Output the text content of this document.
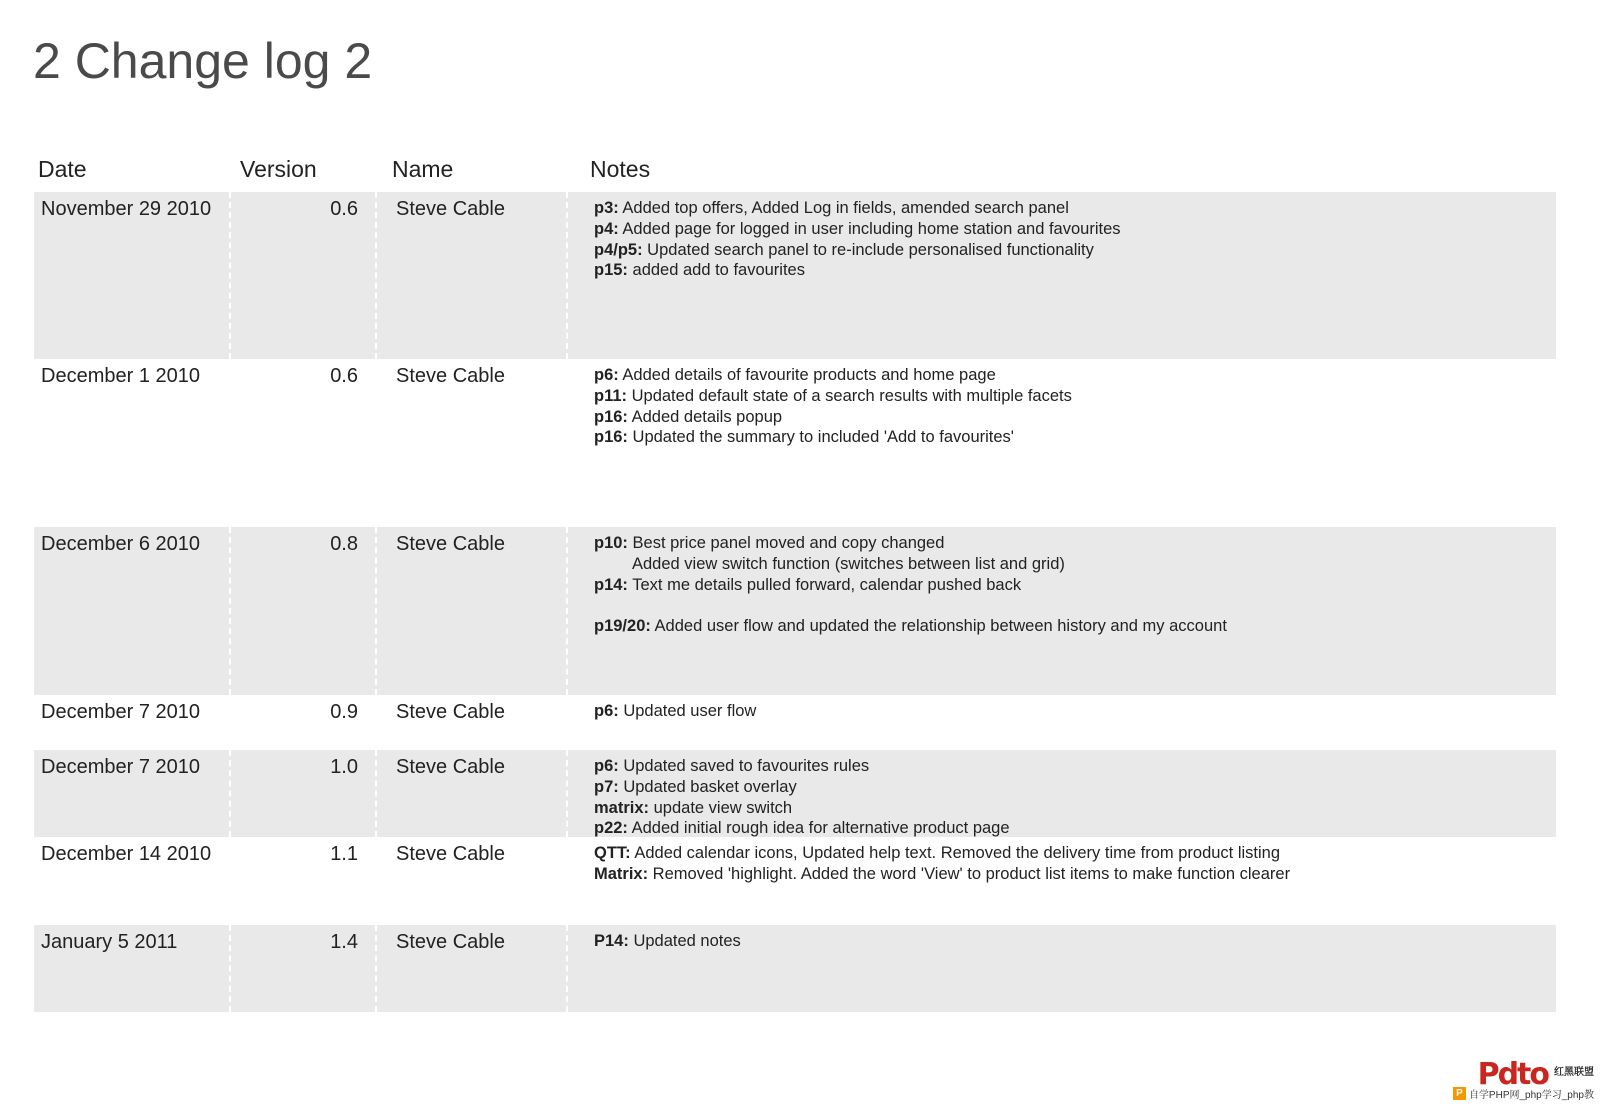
2 Change log 2
Date	Version	Name	Notes
November 29 2010	0.6 Steve Cable	p3: Added top offers, Added Log in fields, amended search panel
p4: Added page for logged in user including home station and favourites
p4/p5: Updated search panel to re-include personalised functionality
p15: added add to favourites
December 1 2010	0.6 Steve Cable	p6: Added details of favourite products and home page
p11: Updated default state of a search results with multiple facets
p16: Added details popup
p16: Updated the summary to included 'Add to favourites'
December 6 2010	0.8 Steve Cable	p10: Best price panel moved and copy changed
Added view switch function (switches between list and grid)
p14: Text me details pulled forward, calendar pushed back
p19/20: Added user flow and updated the relationship between history and my account
December 7 2010	0.9 Steve Cable	p6: Updated user flow
December 7 2010	1.0 Steve Cable	p6: Updated saved to favourites rules
p7: Updated basket overlay
matrix: update view switch
p22: Added initial rough idea for alternative product page
December 14 2010	1.1 Steve Cable	QTT: Added calendar icons, Updated help text. Removed the delivery time from product listing
Matrix: Removed 'highlight. Added the word 'View' to product list items to make function clearer
January 5 2011	1.4 Steve Cable	P14: Updated notes
Pdto 红黑联盟
P 自学PHP网_php学习_php教
